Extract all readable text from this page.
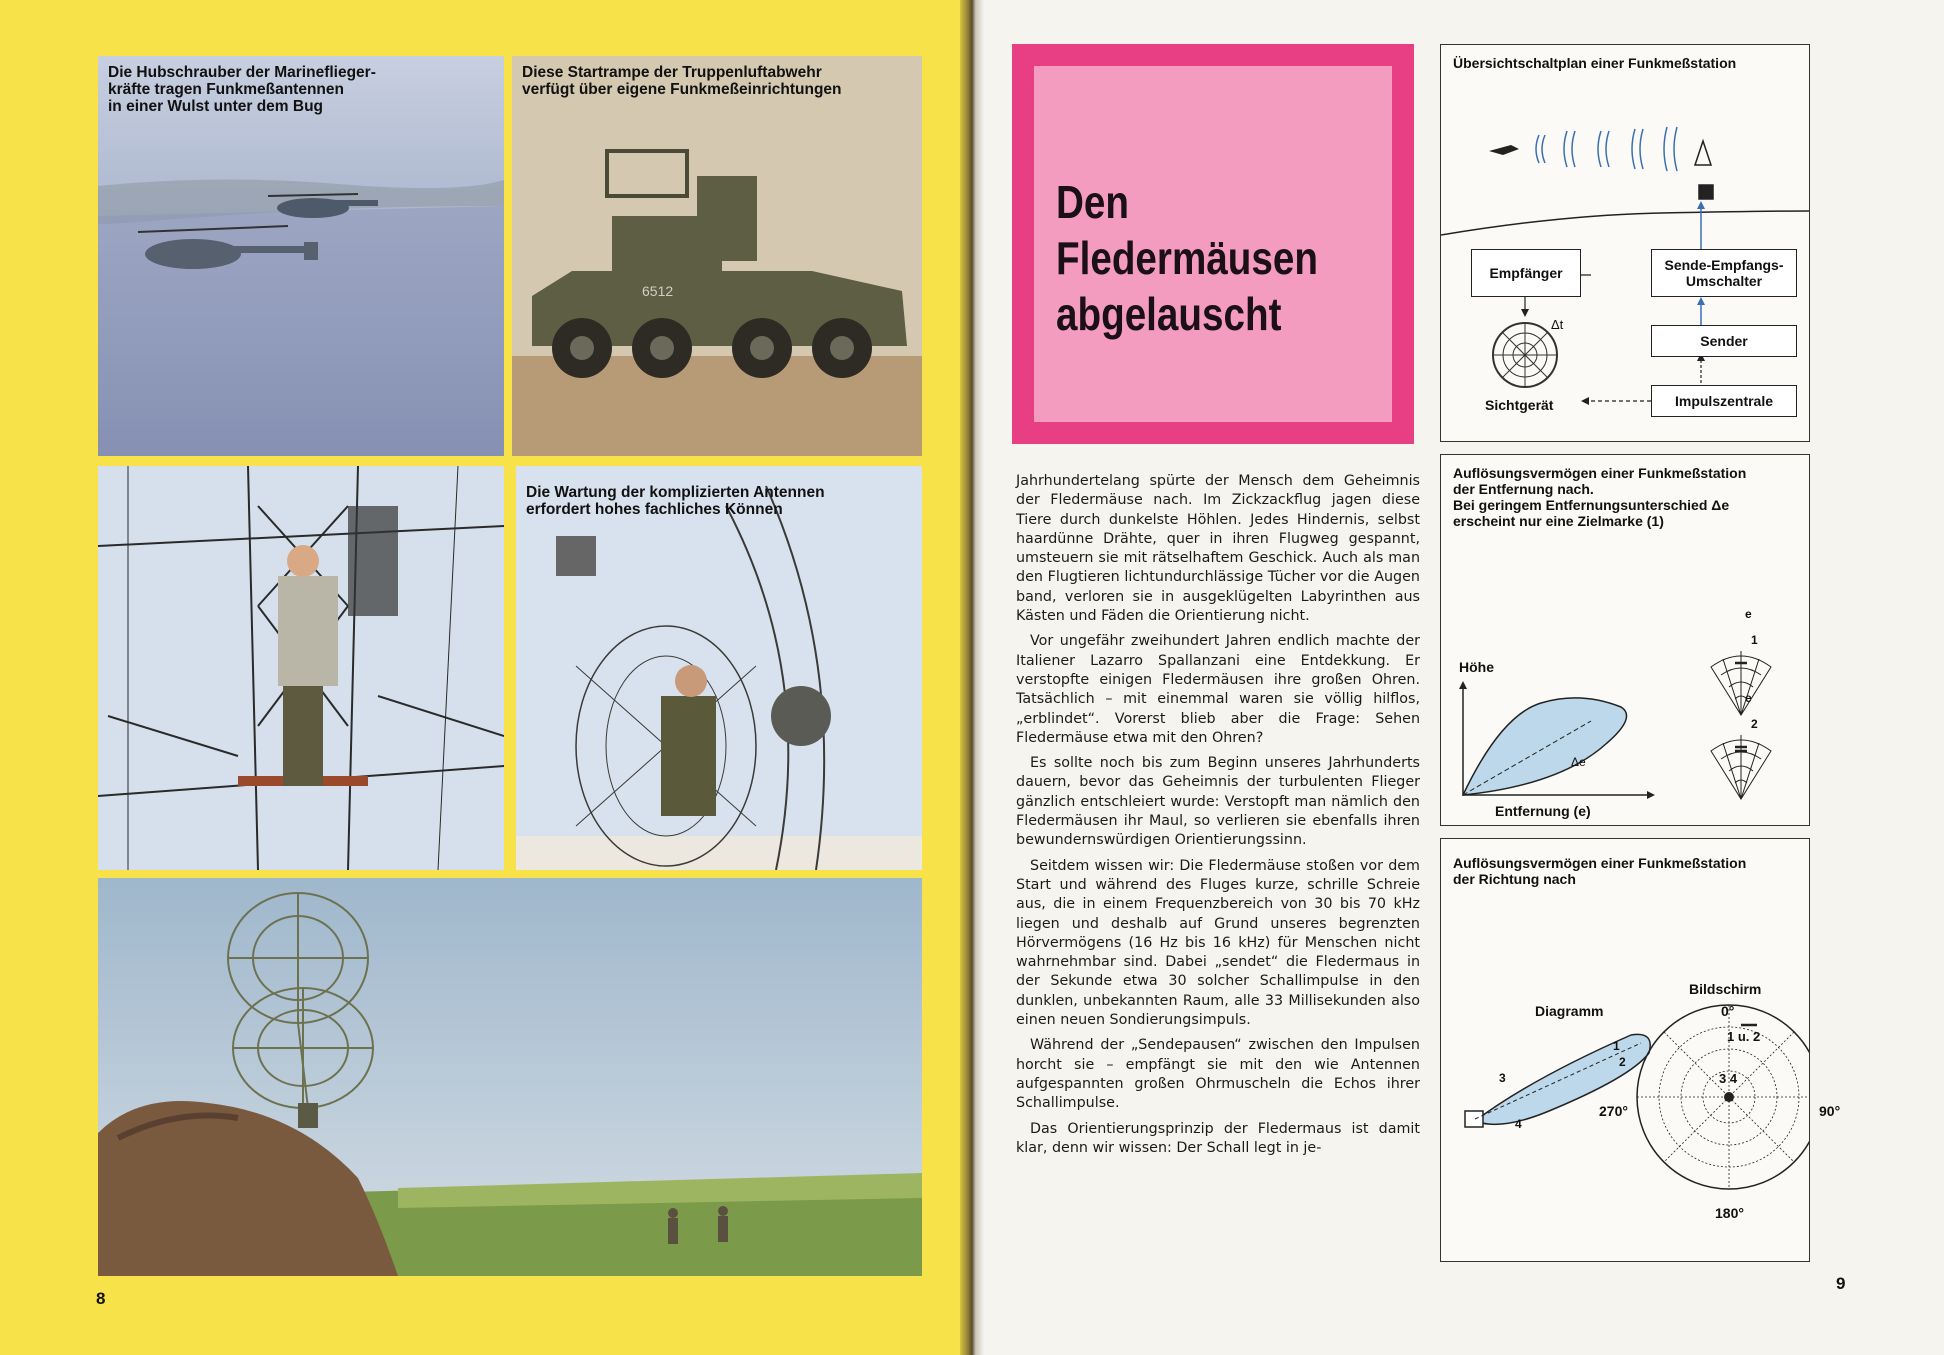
Die Hubschrauber der Marineflieger-
kräfte tragen Funkmeßantennen
in einer Wulst unter dem Bug

6512

Diese Startrampe der Truppenluftabwehr
verfügt über eigene Funkmeßeinrichtungen

Die Wartung der komplizierten Antennen
erfordert hohes fachliches Können

8

Den
Fledermäusen
abgelauscht

Jahrhundertelang spürte der Mensch dem Geheimnis der Fledermäuse nach. Im Zickzackflug jagen diese Tiere durch dunkelste Höhlen. Jedes Hindernis, selbst haardünne Drähte, quer in ihren Flugweg gespannt, umsteuern sie mit rätselhaftem Geschick. Auch als man den Flugtieren lichtundurchlässige Tücher vor die Augen band, verloren sie in ausgeklügelten Labyrinthen aus Kästen und Fäden die Orientierung nicht.

Vor ungefähr zweihundert Jahren endlich machte der Italiener Lazarro Spallanzani eine Entdekkung. Er verstopfte einigen Fledermäusen ihre großen Ohren. Tatsächlich – mit einemmal waren sie völlig hilflos, „erblindet“. Vorerst blieb aber die Frage: Sehen Fledermäuse etwa mit den Ohren?

Es sollte noch bis zum Beginn unseres Jahrhunderts dauern, bevor das Geheimnis der turbulenten Flieger gänzlich entschleiert wurde: Verstopft man nämlich den Fledermäusen ihr Maul, so verlieren sie ebenfalls ihren bewundernswürdigen Orientierungssinn.

Seitdem wissen wir: Die Fledermäuse stoßen vor dem Start und während des Fluges kurze, schrille Schreie aus, die in einem Frequenzbereich von 30 bis 70 kHz liegen und deshalb auf Grund unseres begrenzten Hörvermögens (16 Hz bis 16 kHz) für Menschen nicht wahrnehmbar sind. Dabei „sendet“ die Fledermaus in der Sekunde etwa 30 solcher Schallimpulse in den dunklen, unbekannten Raum, alle 33 Millisekunden also einen neuen Sondierungsimpuls.

Während der „Sendepausen“ zwischen den Impulsen horcht sie – empfängt sie mit den wie Antennen aufgespannten großen Ohrmuscheln die Echos ihrer Schallimpulse.

Das Orientierungsprinzip der Fledermaus ist damit klar, denn wir wissen: Der Schall legt in je-

Übersichtschaltplan einer Funkmeßstation

Empfänger	Sende-Empfangs-
Umschalter
Sender
Impulszentrale

Sichtgerät

Δt

Auflösungsvermögen einer Funkmeßstation
der Entfernung nach.
Bei geringem Entfernungsunterschied Δe
erscheint nur eine Zielmarke (1)

Höhe

Entfernung (e)

Δe

e

e

1

2

Auflösungsvermögen einer Funkmeßstation
der Richtung nach

Diagramm

Bildschirm

0°

90°

180°

270°

1 u. 2

3 4

1

2

3

4

9
